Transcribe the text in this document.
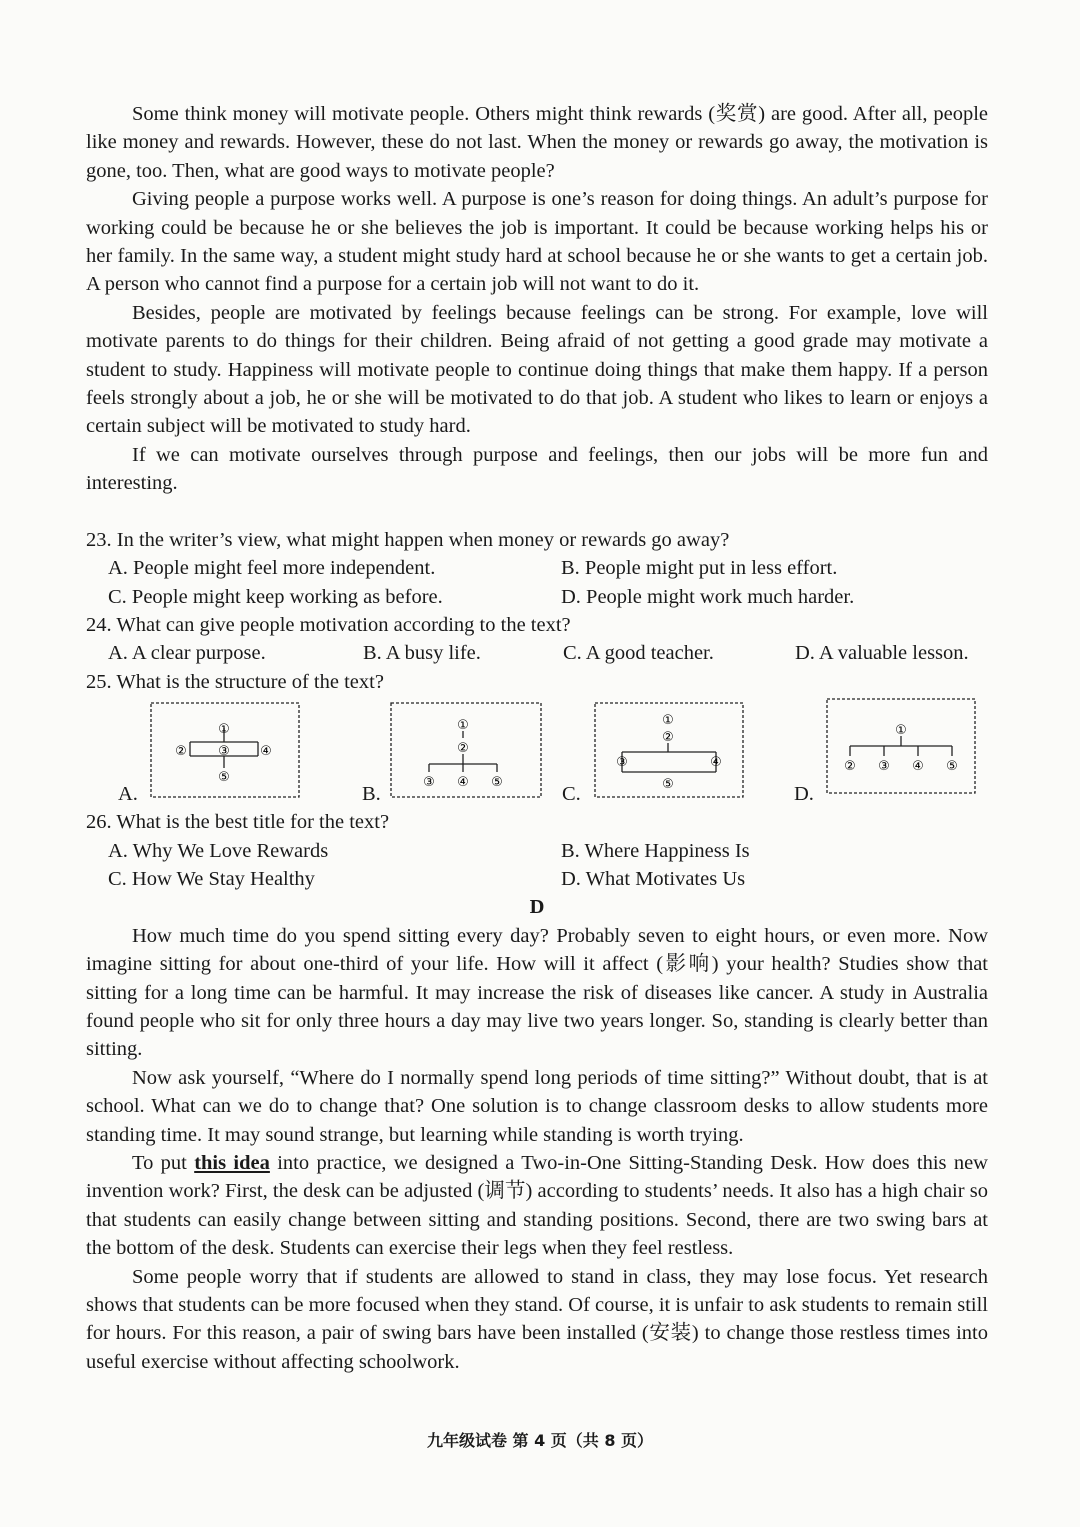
Some think money will motivate people. Others might think rewards (奖赏) are good. After all, people like money and rewards. However, these do not last. When the money or rewards go away, the motivation is gone, too. Then, what are good ways to motivate people?

Giving people a purpose works well. A purpose is one’s reason for doing things. An adult’s purpose for working could be because he or she believes the job is important. It could be because working helps his or her family. In the same way, a student might study hard at school because he or she wants to get a certain job. A person who cannot find a purpose for a certain job will not want to do it.

Besides, people are motivated by feelings because feelings can be strong. For example, love will motivate parents to do things for their children. Being afraid of not getting a good grade may motivate a student to study. Happiness will motivate people to continue doing things that make them happy. If a person feels strongly about a job, he or she will be motivated to do that job. A student who likes to learn or enjoys a certain subject will be motivated to study hard.

If we can motivate ourselves through purpose and feelings, then our jobs will be more fun and interesting.

23. In the writer’s view, what might happen when money or rewards go away?
A. People might feel more independent.	B. People might put in less effort.
C. People might keep working as before.	D. People might work much harder.
24. What can give people motivation according to the text?
A. A clear purpose.	B. A busy life.	C. A good teacher.	D. A valuable lesson.
25. What is the structure of the text?
A.
①
② ③ ④
⑤
B.
①
②
③ ④ ⑤
C.
①
②
③	④
⑤	D.
①
② ③ ④ ⑤
26. What is the best title for the text?
A. Why We Love Rewards	B. Where Happiness Is
C. How We Stay Healthy	D. What Motivates Us
D

How much time do you spend sitting every day? Probably seven to eight hours, or even more. Now imagine sitting for about one-third of your life. How will it affect (影响) your health? Studies show that sitting for a long time can be harmful. It may increase the risk of diseases like cancer. A study in Australia found people who sit for only three hours a day may live two years longer. So, standing is clearly better than sitting.

Now ask yourself, “Where do I normally spend long periods of time sitting?” Without doubt, that is at school. What can we do to change that? One solution is to change classroom desks to allow students more standing time. It may sound strange, but learning while standing is worth trying.

To put this idea into practice, we designed a Two-in-One Sitting-Standing Desk. How does this new invention work? First, the desk can be adjusted (调节) according to students’ needs. It also has a high chair so that students can easily change between sitting and standing positions. Second, there are two swing bars at the bottom of the desk. Students can exercise their legs when they feel restless.

Some people worry that if students are allowed to stand in class, they may lose focus. Yet research shows that students can be more focused when they stand. Of course, it is unfair to ask students to remain still for hours. For this reason, a pair of swing bars have been installed (安装) to change those restless times into useful exercise without affecting schoolwork.

九年级试卷 第 4 页（共 8 页）
